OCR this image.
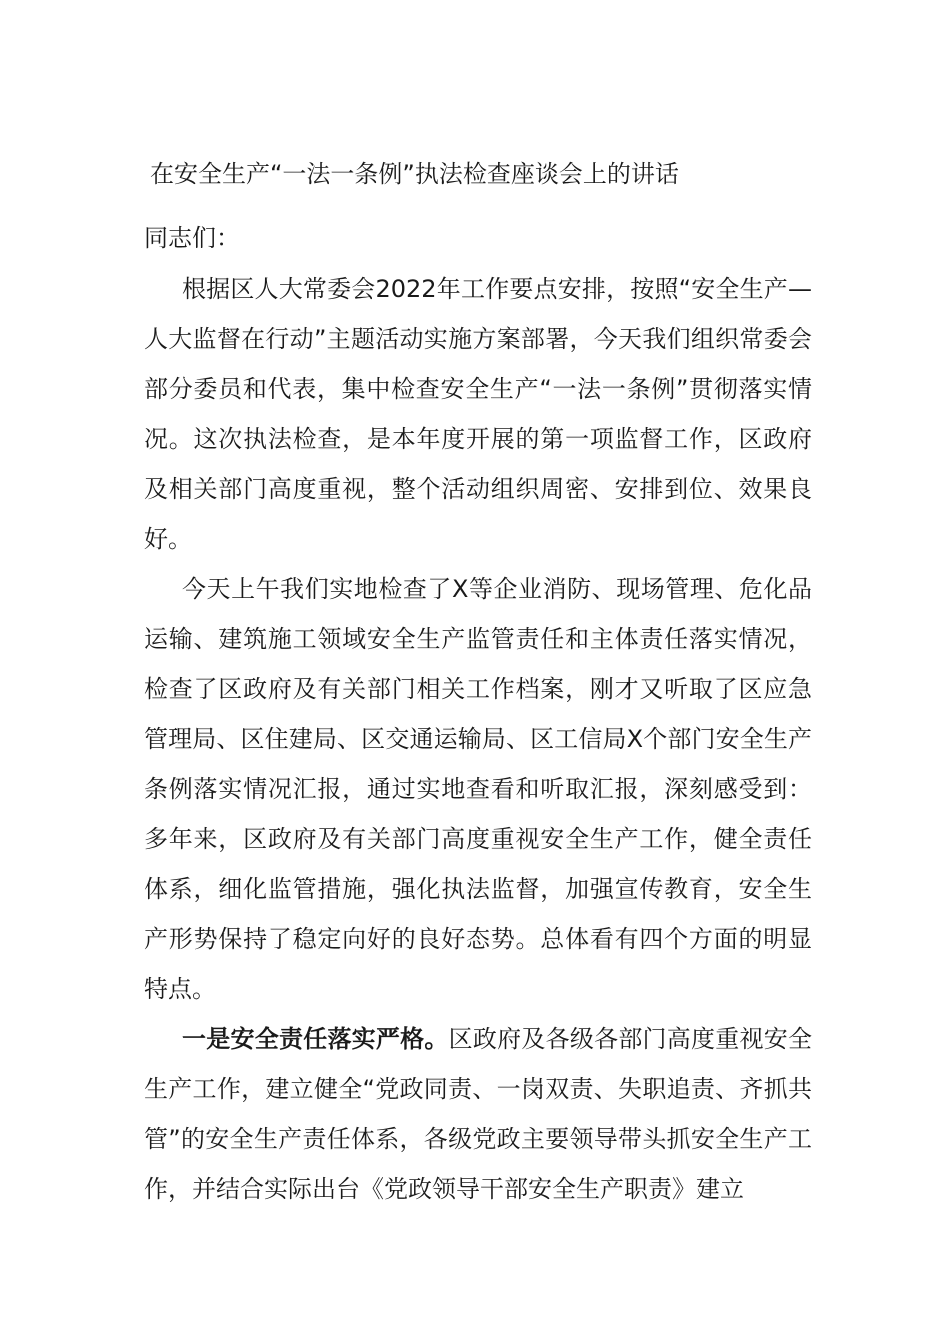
在安全生产“一法一条例”执法检查座谈会上的讲话
同志们：

根据区人大常委会2022年工作要点安排，按照“安全生产—人大监督在行动”主题活动实施方案部署，今天我们组织常委会部分委员和代表，集中检查安全生产“一法一条例”贯彻落实情况。这次执法检查，是本年度开展的第一项监督工作，区政府及相关部门高度重视，整个活动组织周密、安排到位、效果良好。

今天上午我们实地检查了X等企业消防、现场管理、危化品运输、建筑施工领域安全生产监管责任和主体责任落实情况，检查了区政府及有关部门相关工作档案，刚才又听取了区应急管理局、区住建局、区交通运输局、区工信局X个部门安全生产条例落实情况汇报，通过实地查看和听取汇报，深刻感受到：多年来，区政府及有关部门高度重视安全生产工作，健全责任体系，细化监管措施，强化执法监督，加强宣传教育，安全生产形势保持了稳定向好的良好态势。总体看有四个方面的明显特点。

一是安全责任落实严格。区政府及各级各部门高度重视安全生产工作，建立健全“党政同责、一岗双责、失职追责、齐抓共管”的安全生产责任体系，各级党政主要领导带头抓安全生产工作，并结合实际出台《党政领导干部安全生产职责》建立
